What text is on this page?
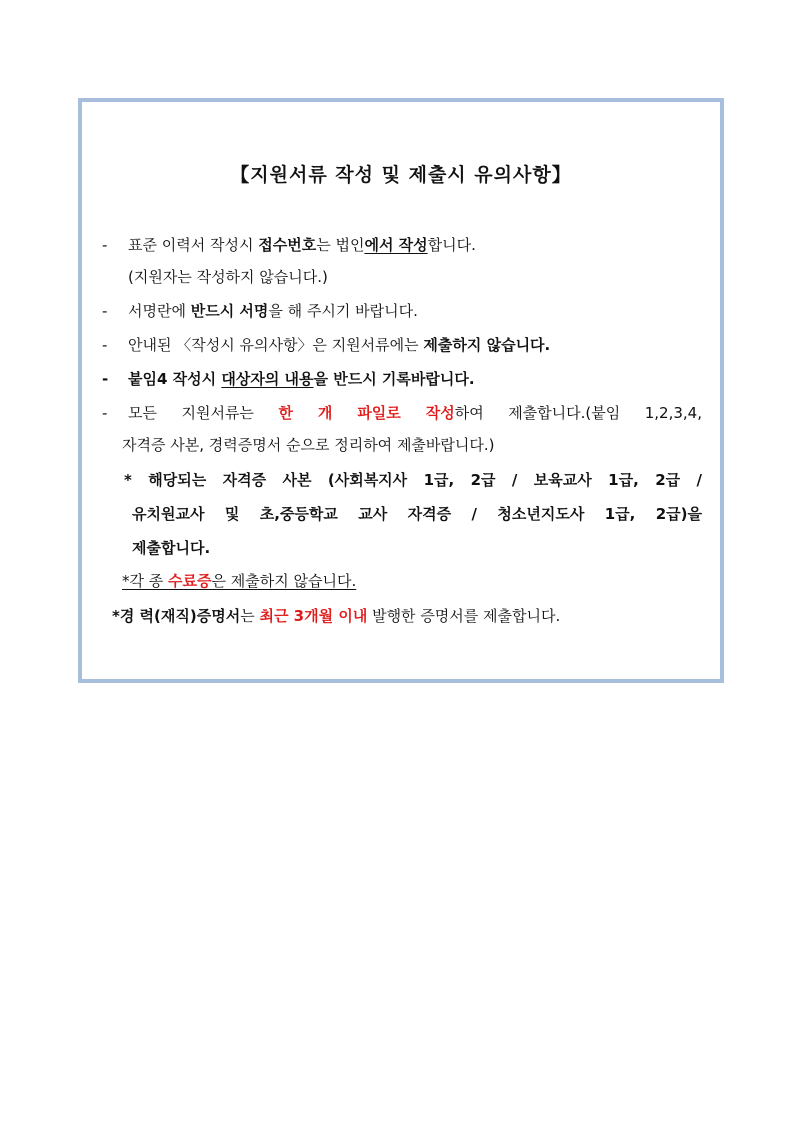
【지원서류 작성 및 제출시 유의사항】

- 표준 이력서 작성시 접수번호는 법인에서 작성합니다.

(지원자는 작성하지 않습니다.)

- 서명란에 반드시 서명을 해 주시기 바랍니다.

- 안내된 〈작성시 유의사항〉은 지원서류에는 제출하지 않습니다.

- 붙임4 작성시 대상자의 내용을 반드시 기록바랍니다.

- 모든 지원서류는 한 개 파일로 작성하여 제출합니다.(붙임 1,2,3,4,

자격증 사본, 경력증명서 순으로 정리하여 제출바랍니다.)

* 해당되는 자격증 사본 (사회복지사 1급, 2급 / 보육교사 1급, 2급 /

유치원교사 및 초,중등학교 교사 자격증 / 청소년지도사 1급, 2급)을

제출합니다.

*각 종 수료증은 제출하지 않습니다.

*경 력(재직)증명서는 최근 3개월 이내 발행한 증명서를 제출합니다.
